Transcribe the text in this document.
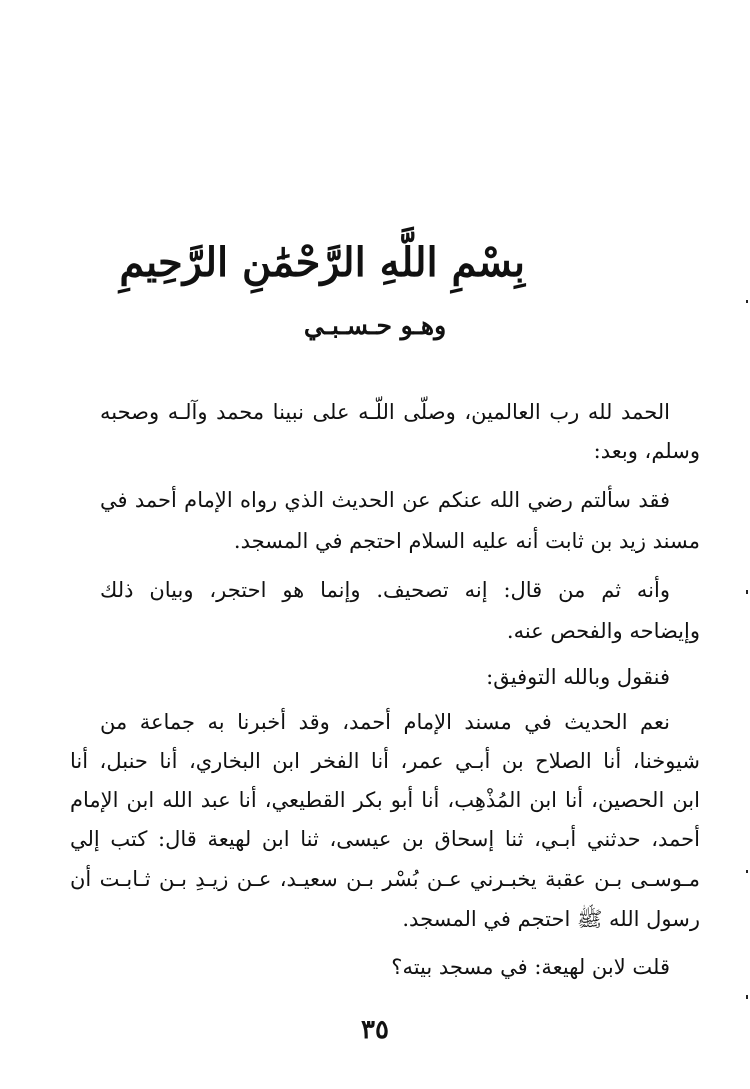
بِسْمِ اللَّهِ الرَّحْمَٰنِ الرَّحِيمِ
وهـو حـسـبـي
الحمد لله رب العالمين، وصلّى اللّـه على نبينا محمد وآلـه وصحبه
وسلم، وبعد:
فقد سألتم رضي الله عنكم عن الحديث الذي رواه الإمام أحمد في
مسند زيد بن ثابت أنه عليه السلام احتجم في المسجد.
وأنه ثم من قال: إنه تصحيف. وإنما هو احتجر، وبيان ذلك
وإيضاحه والفحص عنه.
فنقول وبالله التوفيق:
نعم الحديث في مسند الإمام أحمد، وقد أخبرنا به جماعة من
شيوخنا، أنا الصلاح بن أبـي عمر، أنا الفخر ابن البخاري، أنا حنبل، أنا
ابن الحصين، أنا ابن المُذْهِب، أنا أبو بكر القطيعي، أنا عبد الله ابن الإمام
أحمد، حدثني أبـي، ثنا إسحاق بن عيسى، ثنا ابن لهيعة قال: كتب إلي
مـوسـى بـن عقبة يخبـرني عـن بُسْر بـن سعيـد، عـن زيـدِ بـن ثـابـت أن
رسول الله ﷺ احتجم في المسجد.
قلت لابن لهيعة: في مسجد بيته؟
٣٥
